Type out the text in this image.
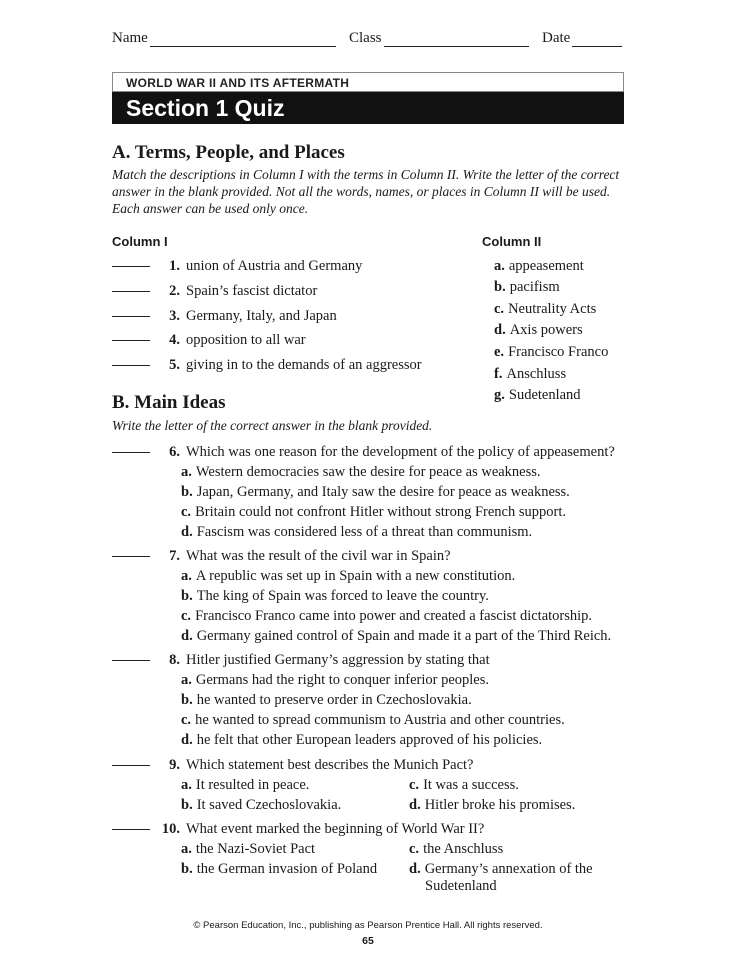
Name	Class	Date
WORLD WAR II AND ITS AFTERMATH
Section 1 Quiz
A. Terms, People, and Places
Match the descriptions in Column I with the terms in Column II. Write the letter of the correct answer in the blank provided. Not all the words, names, or places in Column II will be used. Each answer can be used only once.
Column I	Column II
1. union of Austria and Germany
2. Spain’s fascist dictator
3. Germany, Italy, and Japan
4. opposition to all war
5. giving in to the demands of an aggressor
a. appeasement
b. pacifism
c. Neutrality Acts
d. Axis powers
e. Francisco Franco
f. Anschluss
g. Sudetenland
B. Main Ideas
Write the letter of the correct answer in the blank provided.
6. Which was one reason for the development of the policy of appeasement?
a. Western democracies saw the desire for peace as weakness.
b. Japan, Germany, and Italy saw the desire for peace as weakness.
c. Britain could not confront Hitler without strong French support.
d. Fascism was considered less of a threat than communism.
7. What was the result of the civil war in Spain?
a. A republic was set up in Spain with a new constitution.
b. The king of Spain was forced to leave the country.
c. Francisco Franco came into power and created a fascist dictatorship.
d. Germany gained control of Spain and made it a part of the Third Reich.
8. Hitler justified Germany’s aggression by stating that
a. Germans had the right to conquer inferior peoples.
b. he wanted to preserve order in Czechoslovakia.
c. he wanted to spread communism to Austria and other countries.
d. he felt that other European leaders approved of his policies.
9. Which statement best describes the Munich Pact?
a. It resulted in peace.
b. It saved Czechoslovakia.
c. It was a success.
d. Hitler broke his promises.
10. What event marked the beginning of World War II?
a. the Nazi-Soviet Pact
b. the German invasion of Poland
c. the Anschluss
d. Germany’s annexation of the
Sudetenland
© Pearson Education, Inc., publishing as Pearson Prentice Hall. All rights reserved.
65
